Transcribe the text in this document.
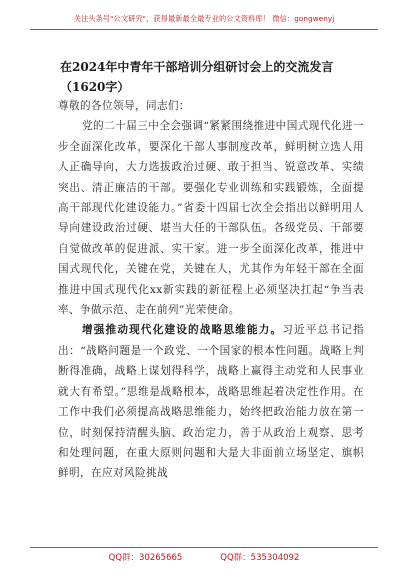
关注头条号"公文研究"，获得最新最全最专业的公文资料库！ 微信：gongwenyj
在2024年中青年干部培训分组研讨会上的交流发言（1620字）

尊敬的各位领导，同志们：

党的二十届三中全会强调“紧紧围绕推进中国式现代化进一步全面深化改革，要深化干部人事制度改革，鲜明树立选人用人正确导向，大力选拔政治过硬、敢于担当、锐意改革、实绩突出、清正廉洁的干部。要强化专业训练和实践锻炼，全面提高干部现代化建设能力。”省委十四届七次全会指出以鲜明用人导向建设政治过硬、堪当大任的干部队伍。各级党员、干部要自觉做改革的促进派、实干家。进一步全面深化改革，推进中国式现代化，关键在党，关键在人，尤其作为年轻干部在全面推进中国式现代化xx新实践的新征程上必须坚决扛起“争当表率、争做示范、走在前列”光荣使命。

增强推动现代化建设的战略思维能力。习近平总书记指出：“战略问题是一个政党、一个国家的根本性问题。战略上判断得准确，战略上谋划得科学，战略上赢得主动党和人民事业就大有希望。”思维是战略根本，战略思维起着决定性作用。在工作中我们必须提高战略思维能力，始终把政治能力放在第一位，时刻保持清醒头脑、政治定力，善于从政治上观察、思考和处理问题，在重大原则问题和大是大非面前立场坚定、旗帜鲜明，在应对风险挑战

QQ群：30265665	QQ群：535304092
